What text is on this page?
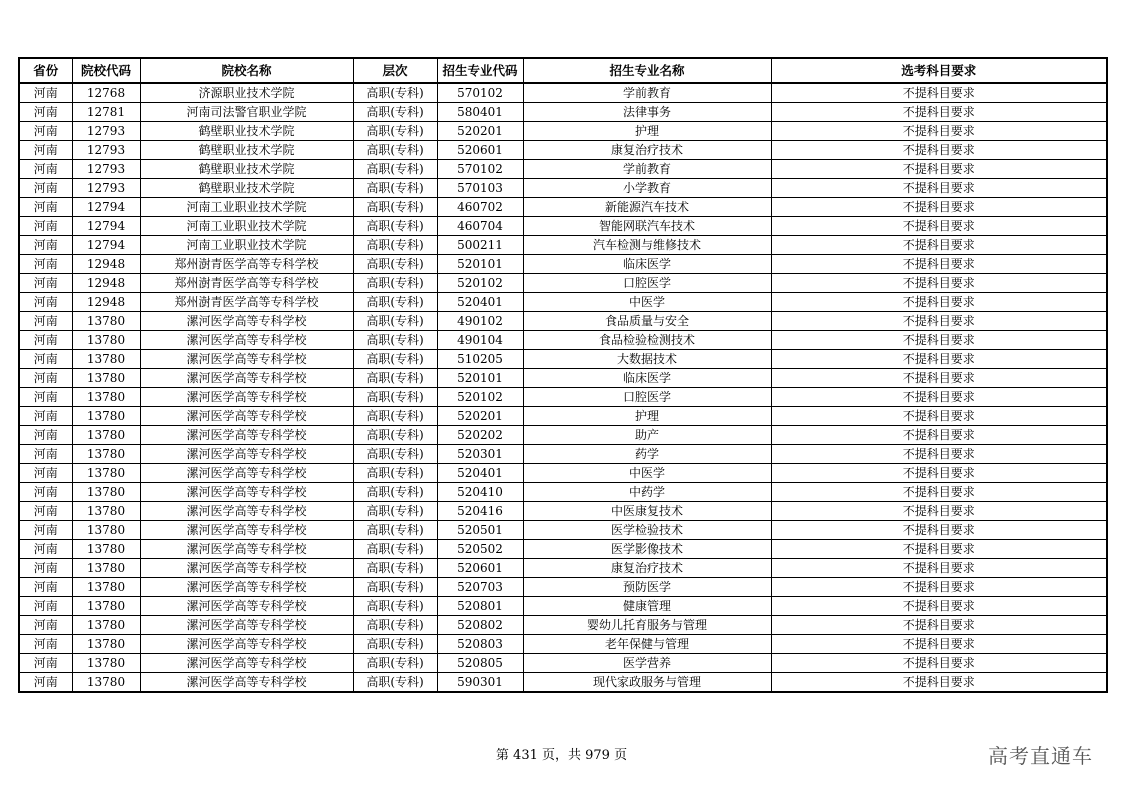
省份	院校代码	院校名称	层次	招生专业代码	招生专业名称	选考科目要求
河南	12768	济源职业技术学院	高职(专科)	570102	学前教育	不提科目要求
河南	12781	河南司法警官职业学院	高职(专科)	580401	法律事务	不提科目要求
河南	12793	鹤壁职业技术学院	高职(专科)	520201	护理	不提科目要求
河南	12793	鹤壁职业技术学院	高职(专科)	520601	康复治疗技术	不提科目要求
河南	12793	鹤壁职业技术学院	高职(专科)	570102	学前教育	不提科目要求
河南	12793	鹤壁职业技术学院	高职(专科)	570103	小学教育	不提科目要求
河南	12794	河南工业职业技术学院	高职(专科)	460702	新能源汽车技术	不提科目要求
河南	12794	河南工业职业技术学院	高职(专科)	460704	智能网联汽车技术	不提科目要求
河南	12794	河南工业职业技术学院	高职(专科)	500211	汽车检测与维修技术	不提科目要求
河南	12948	郑州澍青医学高等专科学校	高职(专科)	520101	临床医学	不提科目要求
河南	12948	郑州澍青医学高等专科学校	高职(专科)	520102	口腔医学	不提科目要求
河南	12948	郑州澍青医学高等专科学校	高职(专科)	520401	中医学	不提科目要求
河南	13780	漯河医学高等专科学校	高职(专科)	490102	食品质量与安全	不提科目要求
河南	13780	漯河医学高等专科学校	高职(专科)	490104	食品检验检测技术	不提科目要求
河南	13780	漯河医学高等专科学校	高职(专科)	510205	大数据技术	不提科目要求
河南	13780	漯河医学高等专科学校	高职(专科)	520101	临床医学	不提科目要求
河南	13780	漯河医学高等专科学校	高职(专科)	520102	口腔医学	不提科目要求
河南	13780	漯河医学高等专科学校	高职(专科)	520201	护理	不提科目要求
河南	13780	漯河医学高等专科学校	高职(专科)	520202	助产	不提科目要求
河南	13780	漯河医学高等专科学校	高职(专科)	520301	药学	不提科目要求
河南	13780	漯河医学高等专科学校	高职(专科)	520401	中医学	不提科目要求
河南	13780	漯河医学高等专科学校	高职(专科)	520410	中药学	不提科目要求
河南	13780	漯河医学高等专科学校	高职(专科)	520416	中医康复技术	不提科目要求
河南	13780	漯河医学高等专科学校	高职(专科)	520501	医学检验技术	不提科目要求
河南	13780	漯河医学高等专科学校	高职(专科)	520502	医学影像技术	不提科目要求
河南	13780	漯河医学高等专科学校	高职(专科)	520601	康复治疗技术	不提科目要求
河南	13780	漯河医学高等专科学校	高职(专科)	520703	预防医学	不提科目要求
河南	13780	漯河医学高等专科学校	高职(专科)	520801	健康管理	不提科目要求
河南	13780	漯河医学高等专科学校	高职(专科)	520802	婴幼儿托育服务与管理	不提科目要求
河南	13780	漯河医学高等专科学校	高职(专科)	520803	老年保健与管理	不提科目要求
河南	13780	漯河医学高等专科学校	高职(专科)	520805	医学营养	不提科目要求
河南	13780	漯河医学高等专科学校	高职(专科)	590301	现代家政服务与管理	不提科目要求
第 431 页，共 979 页	高考直通车
